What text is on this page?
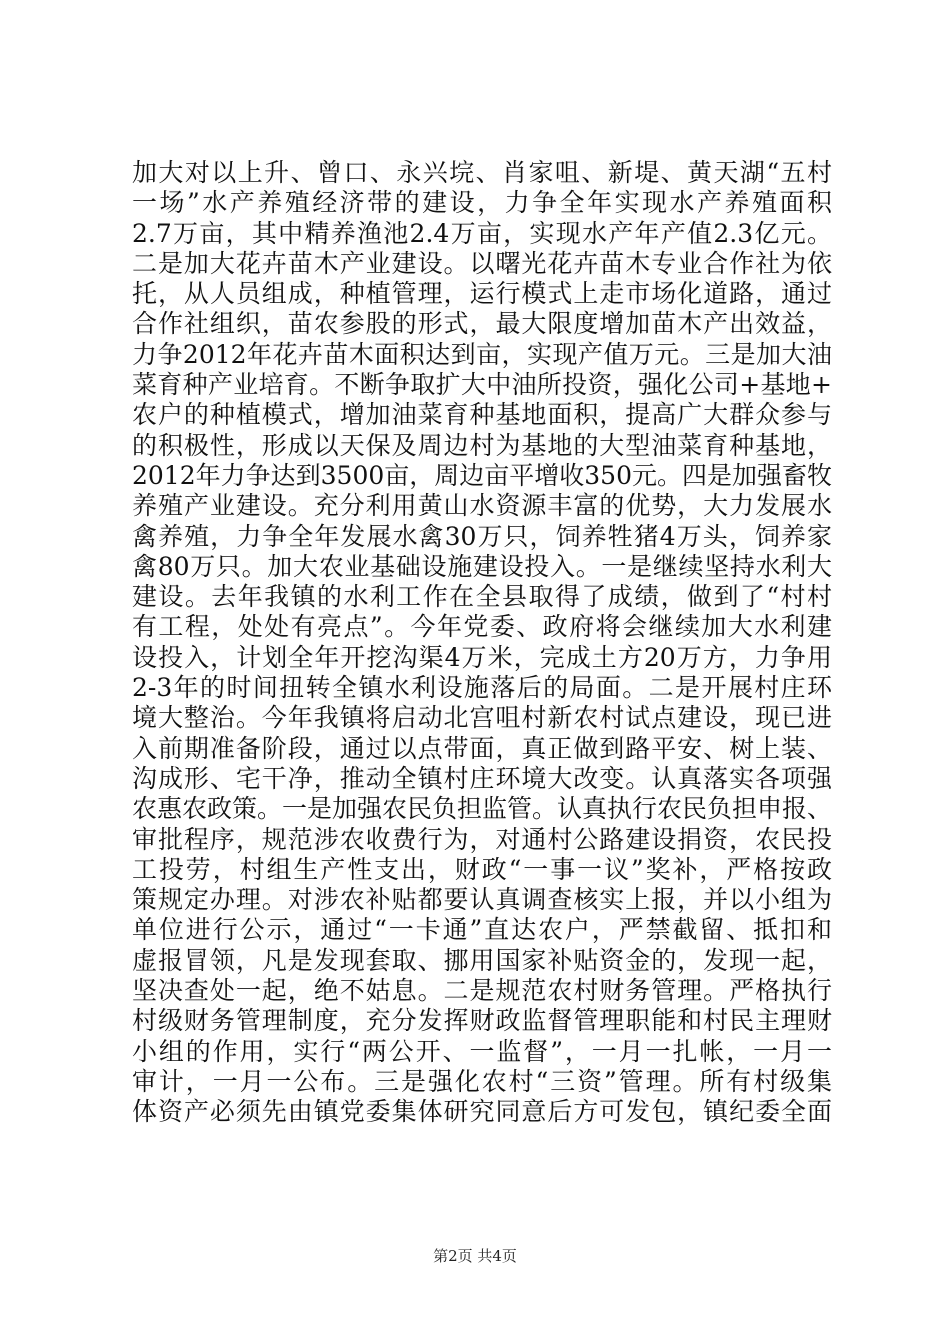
加大对以上升、曾口、永兴垸、肖家咀、新堤、黄天湖“五村
一场”水产养殖经济带的建设，力争全年实现水产养殖面积
2.7万亩，其中精养渔池2.4万亩，实现水产年产值2.3亿元。
二是加大花卉苗木产业建设。以曙光花卉苗木专业合作社为依
托，从人员组成，种植管理，运行模式上走市场化道路，通过
合作社组织，苗农参股的形式，最大限度增加苗木产出效益，
力争2012年花卉苗木面积达到亩，实现产值万元。三是加大油
菜育种产业培育。不断争取扩大中油所投资，强化公司+基地+
农户的种植模式，增加油菜育种基地面积，提高广大群众参与
的积极性，形成以天保及周边村为基地的大型油菜育种基地，
2012年力争达到3500亩，周边亩平增收350元。四是加强畜牧
养殖产业建设。充分利用黄山水资源丰富的优势，大力发展水
禽养殖，力争全年发展水禽30万只，饲养牲猪4万头，饲养家
禽80万只。加大农业基础设施建设投入。一是继续坚持水利大
建设。去年我镇的水利工作在全县取得了成绩，做到了“村村
有工程，处处有亮点”。今年党委、政府将会继续加大水利建
设投入，计划全年开挖沟渠4万米，完成土方20万方，力争用
2-3年的时间扭转全镇水利设施落后的局面。二是开展村庄环
境大整治。今年我镇将启动北宫咀村新农村试点建设，现已进
入前期准备阶段，通过以点带面，真正做到路平安、树上装、
沟成形、宅干净，推动全镇村庄环境大改变。认真落实各项强
农惠农政策。一是加强农民负担监管。认真执行农民负担申报、
审批程序，规范涉农收费行为，对通村公路建设捐资，农民投
工投劳，村组生产性支出，财政“一事一议”奖补，严格按政
策规定办理。对涉农补贴都要认真调查核实上报，并以小组为
单位进行公示，通过“一卡通”直达农户，严禁截留、抵扣和
虚报冒领，凡是发现套取、挪用国家补贴资金的，发现一起，
坚决查处一起，绝不姑息。二是规范农村财务管理。严格执行
村级财务管理制度，充分发挥财政监督管理职能和村民主理财
小组的作用，实行“两公开、一监督”，一月一扎帐，一月一
审计，一月一公布。三是强化农村“三资”管理。所有村级集
体资产必须先由镇党委集体研究同意后方可发包，镇纪委全面
第2页 共4页
